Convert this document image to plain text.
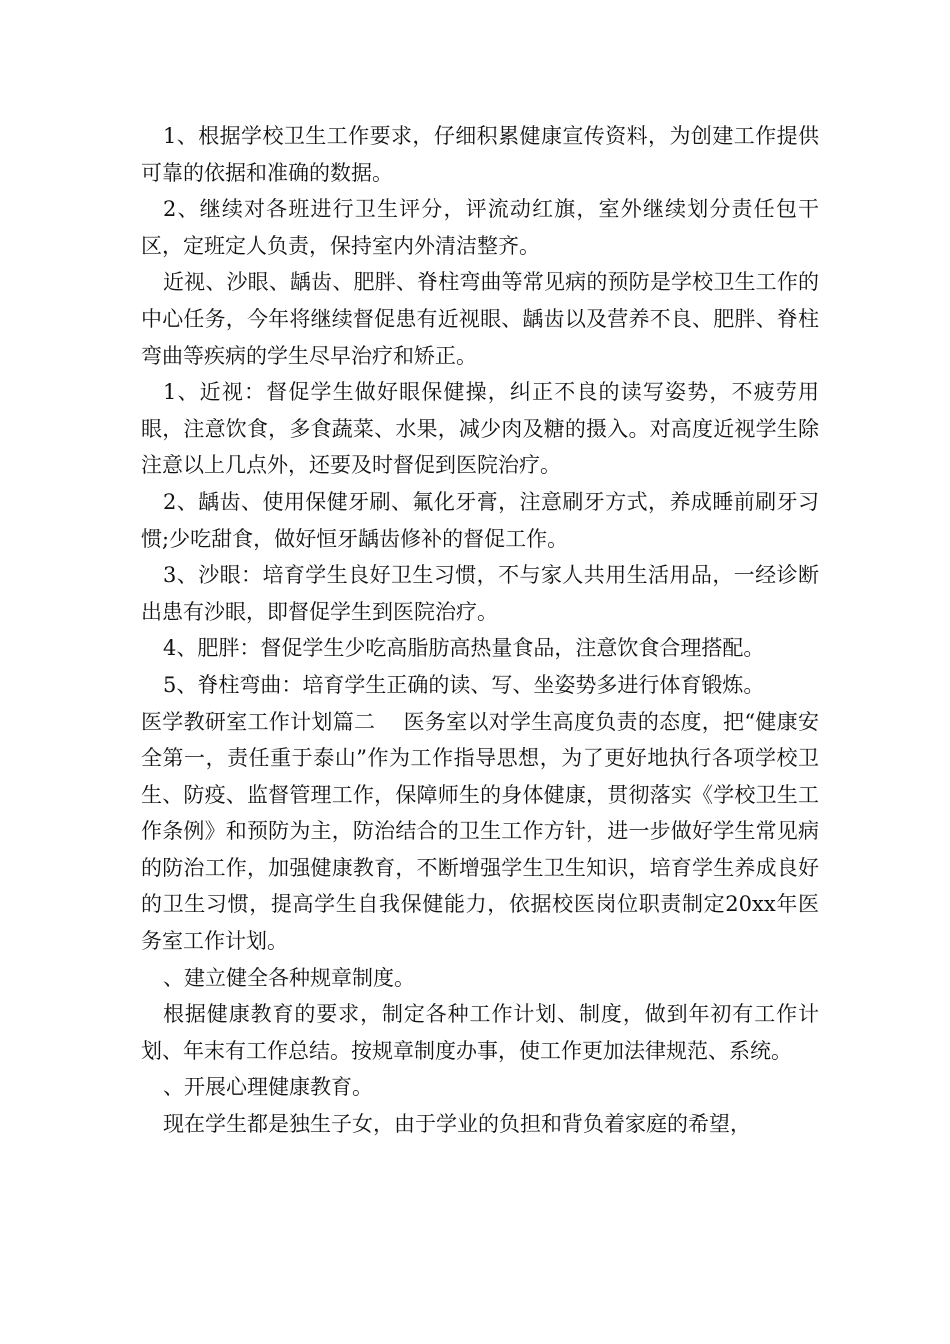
1、根据学校卫生工作要求，仔细积累健康宣传资料，为创建工作提供可靠的依据和准确的数据。

2、继续对各班进行卫生评分，评流动红旗，室外继续划分责任包干区，定班定人负责，保持室内外清洁整齐。

近视、沙眼、龋齿、肥胖、脊柱弯曲等常见病的预防是学校卫生工作的中心任务，今年将继续督促患有近视眼、龋齿以及营养不良、肥胖、脊柱弯曲等疾病的学生尽早治疗和矫正。

1、近视：督促学生做好眼保健操，纠正不良的读写姿势，不疲劳用眼，注意饮食，多食蔬菜、水果，减少肉及糖的摄入。对高度近视学生除注意以上几点外，还要及时督促到医院治疗。

2、龋齿、使用保健牙刷、氟化牙膏，注意刷牙方式，养成睡前刷牙习惯;少吃甜食，做好恒牙龋齿修补的督促工作。

3、沙眼：培育学生良好卫生习惯，不与家人共用生活用品，一经诊断出患有沙眼，即督促学生到医院治疗。

4、肥胖：督促学生少吃高脂肪高热量食品，注意饮食合理搭配。

5、脊柱弯曲：培育学生正确的读、写、坐姿势多进行体育锻炼。

医学教研室工作计划篇二　 医务室以对学生高度负责的态度，把“健康安全第一，责任重于泰山”作为工作指导思想，为了更好地执行各项学校卫生、防疫、监督管理工作，保障师生的身体健康，贯彻落实《学校卫生工作条例》和预防为主，防治结合的卫生工作方针，进一步做好学生常见病的防治工作，加强健康教育，不断增强学生卫生知识，培育学生养成良好的卫生习惯，提高学生自我保健能力，依据校医岗位职责制定20xx年医务室工作计划。

、建立健全各种规章制度。

根据健康教育的要求，制定各种工作计划、制度，做到年初有工作计划、年末有工作总结。按规章制度办事，使工作更加法律规范、系统。

、开展心理健康教育。

现在学生都是独生子女，由于学业的负担和背负着家庭的希望，
